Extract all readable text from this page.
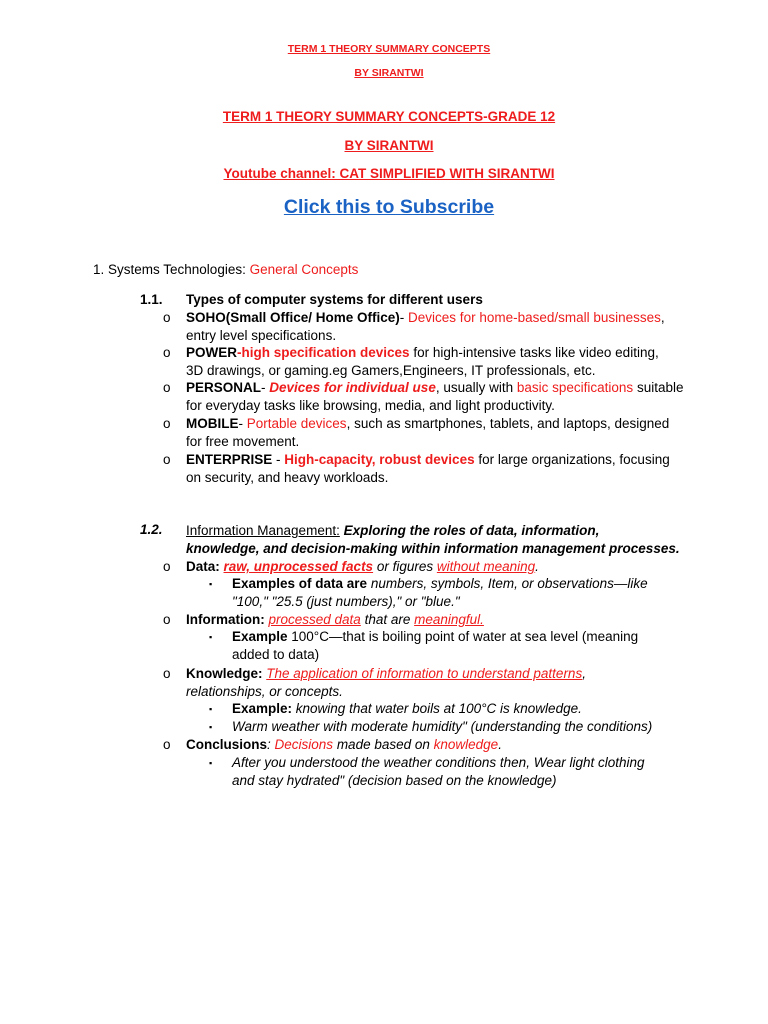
TERM 1 THEORY SUMMARY CONCEPTS
BY SIRANTWI
TERM 1 THEORY SUMMARY CONCEPTS-GRADE 12
BY SIRANTWI
Youtube channel: CAT SIMPLIFIED WITH SIRANTWI
Click this to Subscribe
1. Systems Technologies: General Concepts
1.1. Types of computer systems for different users
o SOHO(Small Office/ Home Office)- Devices for home-based/small businesses,
entry level specifications.
o POWER-high specification devices for high-intensive tasks like video editing,
3D drawings, or gaming.eg Gamers,Engineers, IT professionals, etc.
o PERSONAL- Devices for individual use, usually with basic specifications suitable
for everyday tasks like browsing, media, and light productivity.
o MOBILE- Portable devices, such as smartphones, tablets, and laptops, designed
for free movement.
o ENTERPRISE - High-capacity, robust devices for large organizations, focusing
on security, and heavy workloads.
1.2. Information Management: Exploring the roles of data, information,
knowledge, and decision-making within information management processes.
o Data: raw, unprocessed facts or figures without meaning.
▪ Examples of data are numbers, symbols, Item, or observations—like
"100," "25.5 (just numbers)," or "blue."
o Information: processed data that are meaningful.
▪ Example 100°C—that is boiling point of water at sea level (meaning
added to data)
o Knowledge: The application of information to understand patterns,
relationships, or concepts.
▪ Example: knowing that water boils at 100°C is knowledge.
▪ Warm weather with moderate humidity" (understanding the conditions)
o Conclusions: Decisions made based on knowledge.
▪ After you understood the weather conditions then, Wear light clothing
and stay hydrated" (decision based on the knowledge)
